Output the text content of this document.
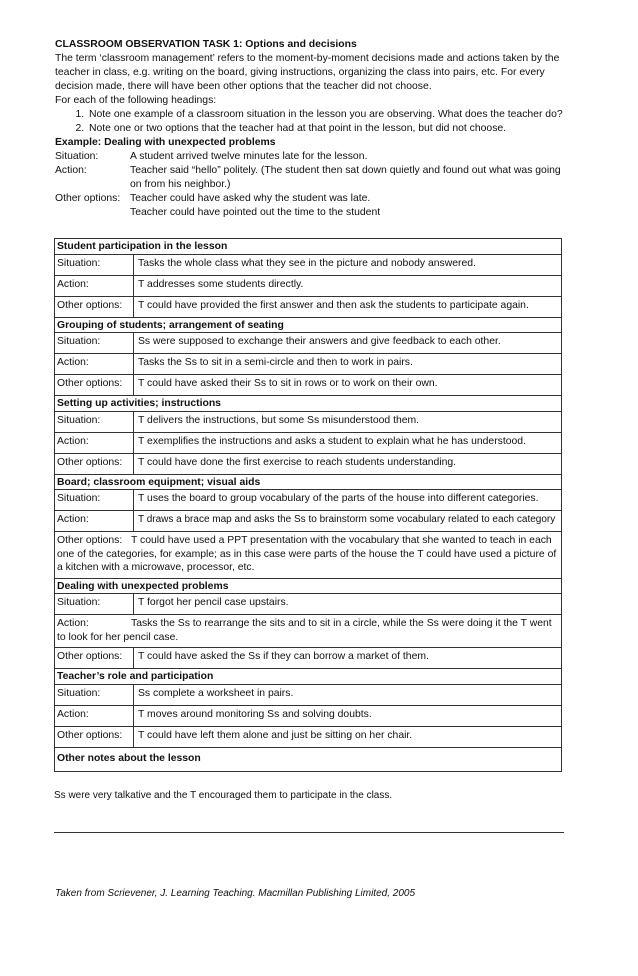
CLASSROOM OBSERVATION TASK 1: Options and decisions

The term ‘classroom management’ refers to the moment-by-moment decisions made and actions taken by the teacher in class, e.g. writing on the board, giving instructions, organizing the class into pairs, etc. For every decision made, there will have been other options that the teacher did not choose.

For each of the following headings:
1. Note one example of a classroom situation in the lesson you are observing. What does the teacher do?
2. Note one or two options that the teacher had at that point in the lesson, but did not choose.
Example: Dealing with unexpected problems
Situation:	A student arrived twelve minutes late for the lesson.
Action:	Teacher said “hello” politely. (The student then sat down quietly and found out what was going on from his neighbor.)
Other options: Teacher could have asked why the student was late.
Teacher could have pointed out the time to the student
Student participation in the lesson
Situation:	Tasks the whole class what they see in the picture and nobody answered.
Action:	T addresses some students directly.
Other options:	T could have provided the first answer and then ask the students to participate again.
Grouping of students; arrangement of seating
Situation:	Ss were supposed to exchange their answers and give feedback to each other.
Action:	Tasks the Ss to sit in a semi-circle and then to work in pairs.
Other options:	T could have asked their Ss to sit in rows or to work on their own.
Setting up activities; instructions
Situation:	T delivers the instructions, but some Ss misunderstood them.
Action:	T exemplifies the instructions and asks a student to explain what he has understood.
Other options:	T could have done the first exercise to reach students understanding.
Board; classroom equipment; visual aids
Situation:	T uses the board to group vocabulary of the parts of the house into different categories.
Action:	T draws a brace map and asks the Ss to brainstorm some vocabulary related to each category
Other options: T could have used a PPT presentation with the vocabulary that she wanted to teach in each one of the categories, for example; as in this case were parts of the house the T could have used a picture of a kitchen with a microwave, processor, etc.
Dealing with unexpected problems
Situation:	T forgot her pencil case upstairs.
Action:	Tasks the Ss to rearrange the sits and to sit in a circle, while the Ss were doing it the T went to look for her pencil case.
Other options:	T could have asked the Ss if they can borrow a market of them.
Teacher’s role and participation
Situation:	Ss complete a worksheet in pairs.
Action:	T moves around monitoring Ss and solving doubts.
Other options:	T could have left them alone and just be sitting on her chair.
Other notes about the lesson
Ss were very talkative and the T encouraged them to participate in the class.
Taken from Scrievener, J. Learning Teaching. Macmillan Publishing Limited, 2005
